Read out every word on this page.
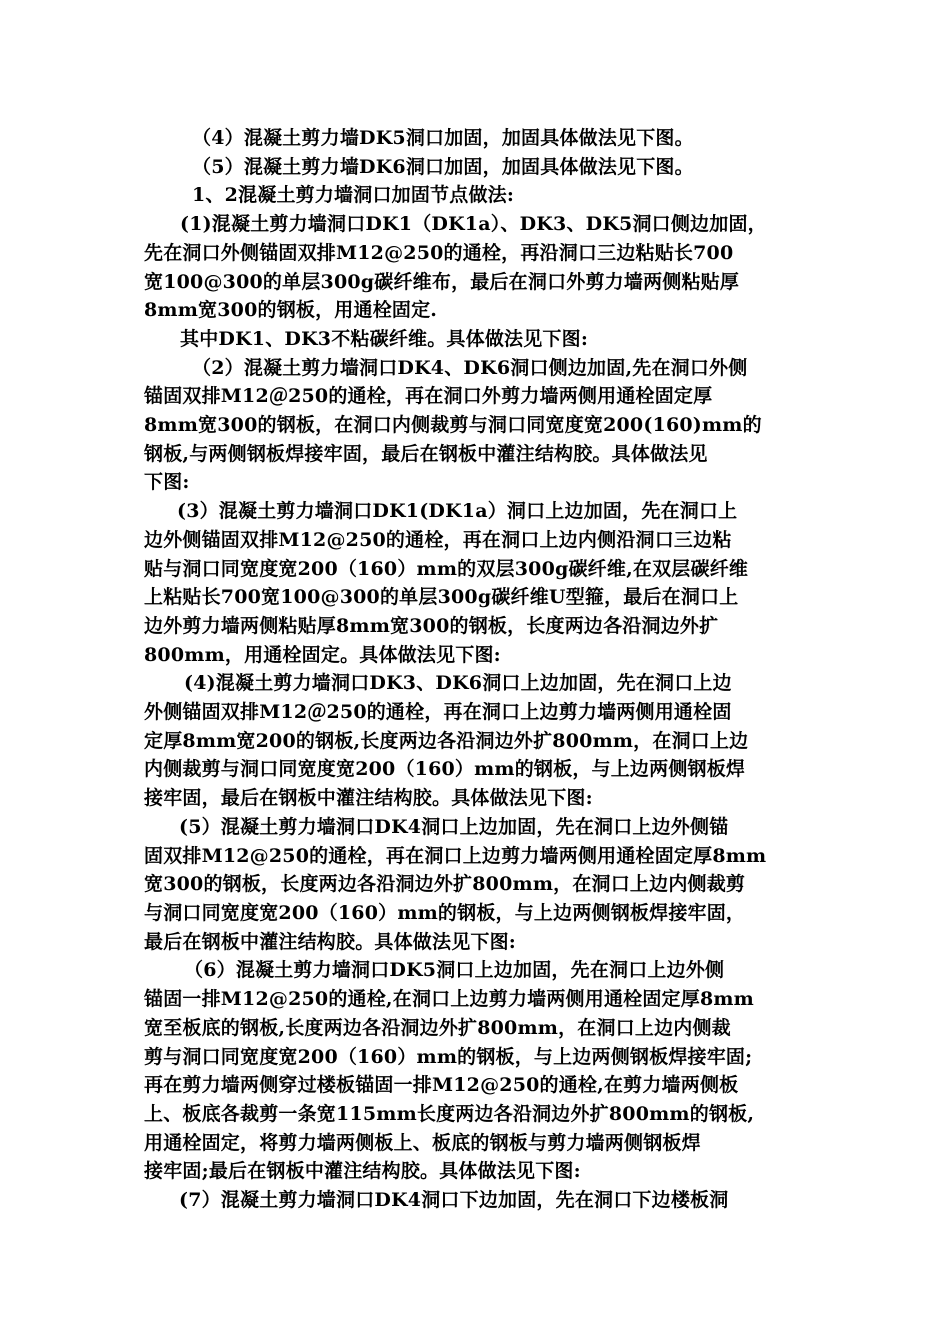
（4）混凝土剪力墙DK5洞口加固，加固具体做法见下图。
（5）混凝土剪力墙DK6洞口加固，加固具体做法见下图。
1、2混凝土剪力墙洞口加固节点做法:
(1)混凝土剪力墙洞口DK1（DK1a）、DK3、DK5洞口侧边加固，
先在洞口外侧锚固双排M12@250的通栓，再沿洞口三边粘贴长700
宽100@300的单层300g碳纤维布，最后在洞口外剪力墙两侧粘贴厚
8mm宽300的钢板，用通栓固定.
其中DK1、DK3不粘碳纤维。具体做法见下图:
（2）混凝土剪力墙洞口DK4、DK6洞口侧边加固,先在洞口外侧
锚固双排M12＠250的通栓，再在洞口外剪力墙两侧用通栓固定厚
8mm宽300的钢板，在洞口内侧裁剪与洞口同宽度宽200(160)mm的
钢板,与两侧钢板焊接牢固，最后在钢板中灌注结构胶。具体做法见
下图:
(3）混凝土剪力墙洞口DK1(DK1a）洞口上边加固，先在洞口上
边外侧锚固双排M12@250的通栓，再在洞口上边内侧沿洞口三边粘
贴与洞口同宽度宽200（160）mm的双层300g碳纤维,在双层碳纤维
上粘贴长700宽100@300的单层300g碳纤维U型箍，最后在洞口上
边外剪力墙两侧粘贴厚8mm宽300的钢板，长度两边各沿洞边外扩
800mm，用通栓固定。具体做法见下图:
(4)混凝土剪力墙洞口DK3、DK6洞口上边加固，先在洞口上边
外侧锚固双排M12＠250的通栓，再在洞口上边剪力墙两侧用通栓固
定厚8mm宽200的钢板,长度两边各沿洞边外扩800mm，在洞口上边
内侧裁剪与洞口同宽度宽200（160）mm的钢板，与上边两侧钢板焊
接牢固，最后在钢板中灌注结构胶。具体做法见下图:
(5）混凝土剪力墙洞口DK4洞口上边加固，先在洞口上边外侧锚
固双排M12@250的通栓，再在洞口上边剪力墙两侧用通栓固定厚8mm
宽300的钢板，长度两边各沿洞边外扩800mm，在洞口上边内侧裁剪
与洞口同宽度宽200（160）mm的钢板，与上边两侧钢板焊接牢固，
最后在钢板中灌注结构胶。具体做法见下图:
（6）混凝土剪力墙洞口DK5洞口上边加固，先在洞口上边外侧
锚固一排M12@250的通栓,在洞口上边剪力墙两侧用通栓固定厚8mm
宽至板底的钢板,长度两边各沿洞边外扩800mm，在洞口上边内侧裁
剪与洞口同宽度宽200（160）mm的钢板，与上边两侧钢板焊接牢固;
再在剪力墙两侧穿过楼板锚固一排M12@250的通栓,在剪力墙两侧板
上、板底各裁剪一条宽115mm长度两边各沿洞边外扩800mm的钢板,
用通栓固定，将剪力墙两侧板上、板底的钢板与剪力墙两侧钢板焊
接牢固;最后在钢板中灌注结构胶。具体做法见下图:
(7）混凝土剪力墙洞口DK4洞口下边加固，先在洞口下边楼板洞
